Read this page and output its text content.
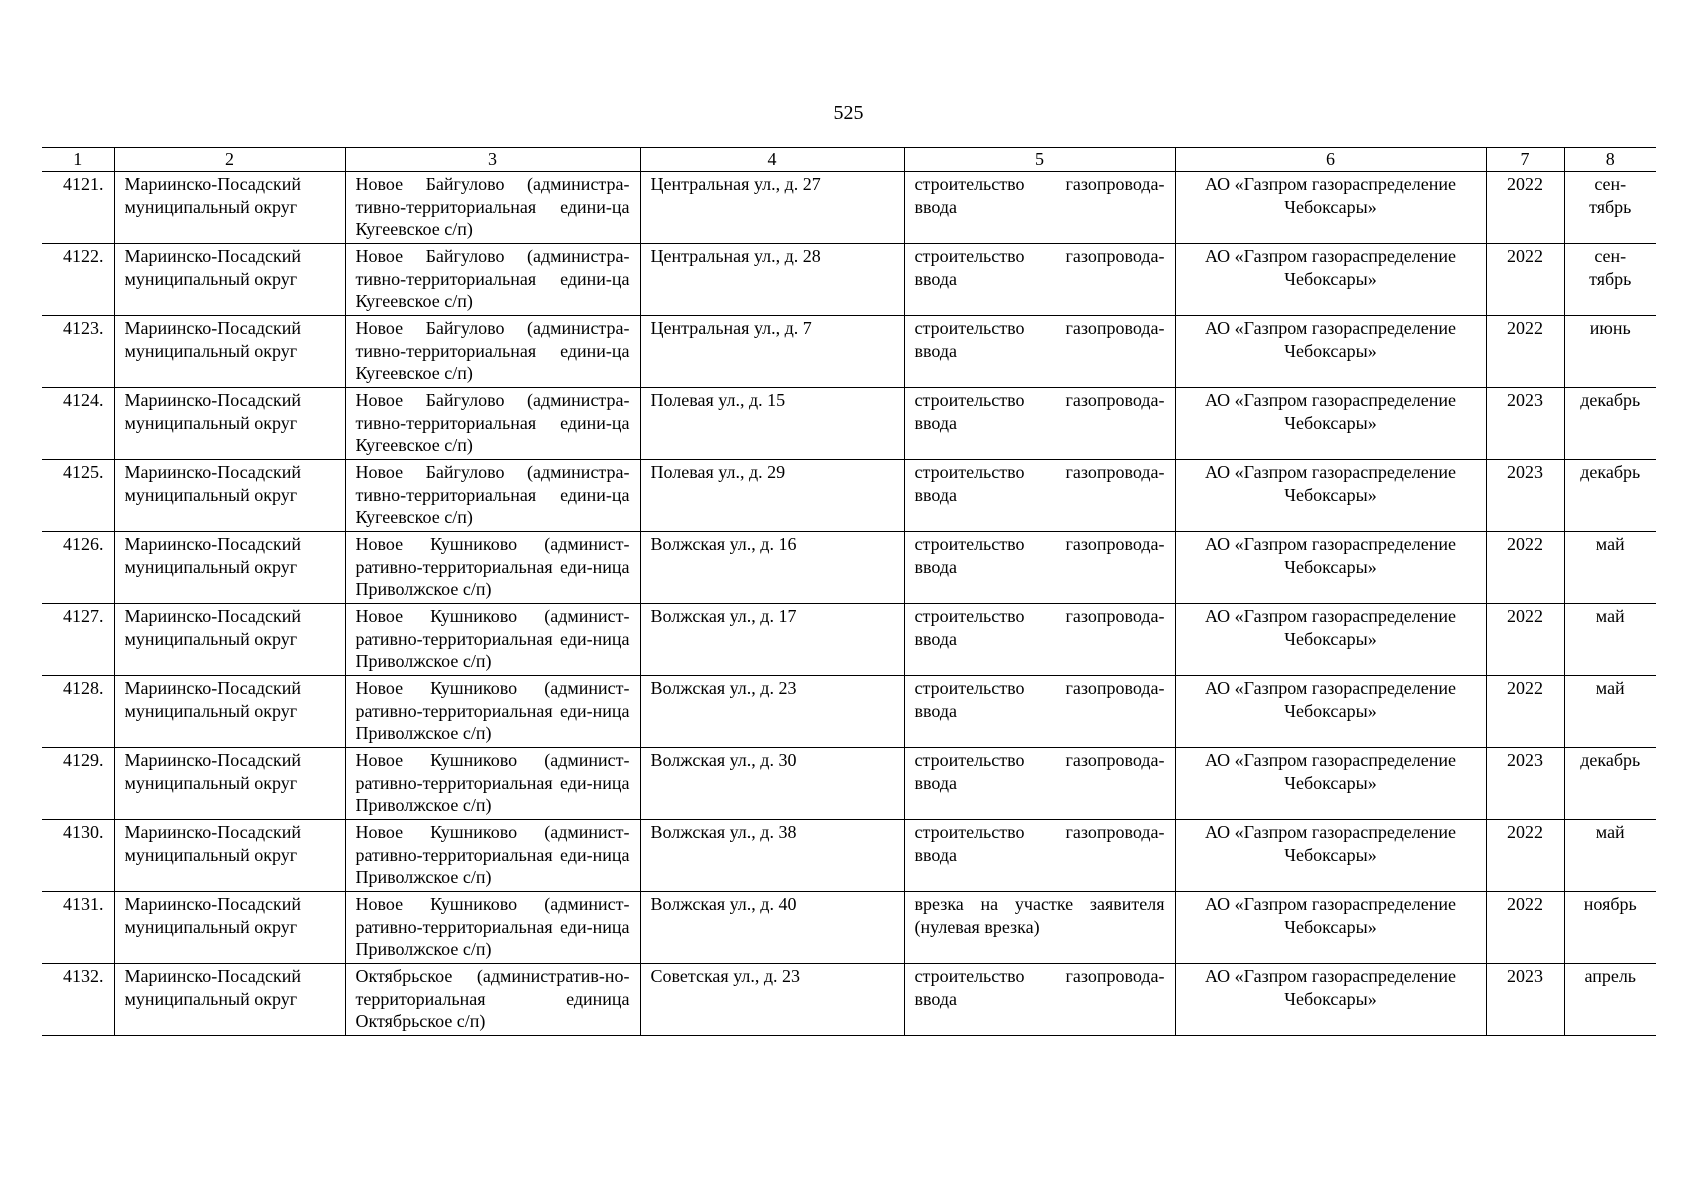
525
1	2	3	4	5	6	7	8
4121.	Мариинско-Посадский муниципальный округ	Новое Байгулово (администра-тивно-территориальная едини-ца Кугеевское с/п)	Центральная ул., д. 27	строительство газопровода-ввода	АО «Газпром газораспределение Чебоксары»	2022	сен-тябрь
4122.	Мариинско-Посадский муниципальный округ	Новое Байгулово (администра-тивно-территориальная едини-ца Кугеевское с/п)	Центральная ул., д. 28	строительство газопровода-ввода	АО «Газпром газораспределение Чебоксары»	2022	сен-тябрь
4123.	Мариинско-Посадский муниципальный округ	Новое Байгулово (администра-тивно-территориальная едини-ца Кугеевское с/п)	Центральная ул., д. 7	строительство газопровода-ввода	АО «Газпром газораспределение Чебоксары»	2022	июнь
4124.	Мариинско-Посадский муниципальный округ	Новое Байгулово (администра-тивно-территориальная едини-ца Кугеевское с/п)	Полевая ул., д. 15	строительство газопровода-ввода	АО «Газпром газораспределение Чебоксары»	2023	декабрь
4125.	Мариинско-Посадский муниципальный округ	Новое Байгулово (администра-тивно-территориальная едини-ца Кугеевское с/п)	Полевая ул., д. 29	строительство газопровода-ввода	АО «Газпром газораспределение Чебоксары»	2023	декабрь
4126.	Мариинско-Посадский муниципальный округ	Новое Кушниково (админист-ративно-территориальная еди-ница Приволжское с/п)	Волжская ул., д. 16	строительство газопровода-ввода	АО «Газпром газораспределение Чебоксары»	2022	май
4127.	Мариинско-Посадский муниципальный округ	Новое Кушниково (админист-ративно-территориальная еди-ница Приволжское с/п)	Волжская ул., д. 17	строительство газопровода-ввода	АО «Газпром газораспределение Чебоксары»	2022	май
4128.	Мариинско-Посадский муниципальный округ	Новое Кушниково (админист-ративно-территориальная еди-ница Приволжское с/п)	Волжская ул., д. 23	строительство газопровода-ввода	АО «Газпром газораспределение Чебоксары»	2022	май
4129.	Мариинско-Посадский муниципальный округ	Новое Кушниково (админист-ративно-территориальная еди-ница Приволжское с/п)	Волжская ул., д. 30	строительство газопровода-ввода	АО «Газпром газораспределение Чебоксары»	2023	декабрь
4130.	Мариинско-Посадский муниципальный округ	Новое Кушниково (админист-ративно-территориальная еди-ница Приволжское с/п)	Волжская ул., д. 38	строительство газопровода-ввода	АО «Газпром газораспределение Чебоксары»	2022	май
4131.	Мариинско-Посадский муниципальный округ	Новое Кушниково (админист-ративно-территориальная еди-ница Приволжское с/п)	Волжская ул., д. 40	врезка на участке заявителя (нулевая врезка)	АО «Газпром газораспределение Чебоксары»	2022	ноябрь
4132.	Мариинско-Посадский муниципальный округ	Октябрьское (административ-но-территориальная единица Октябрьское с/п)	Советская ул., д. 23	строительство газопровода-ввода	АО «Газпром газораспределение Чебоксары»	2023	апрель
